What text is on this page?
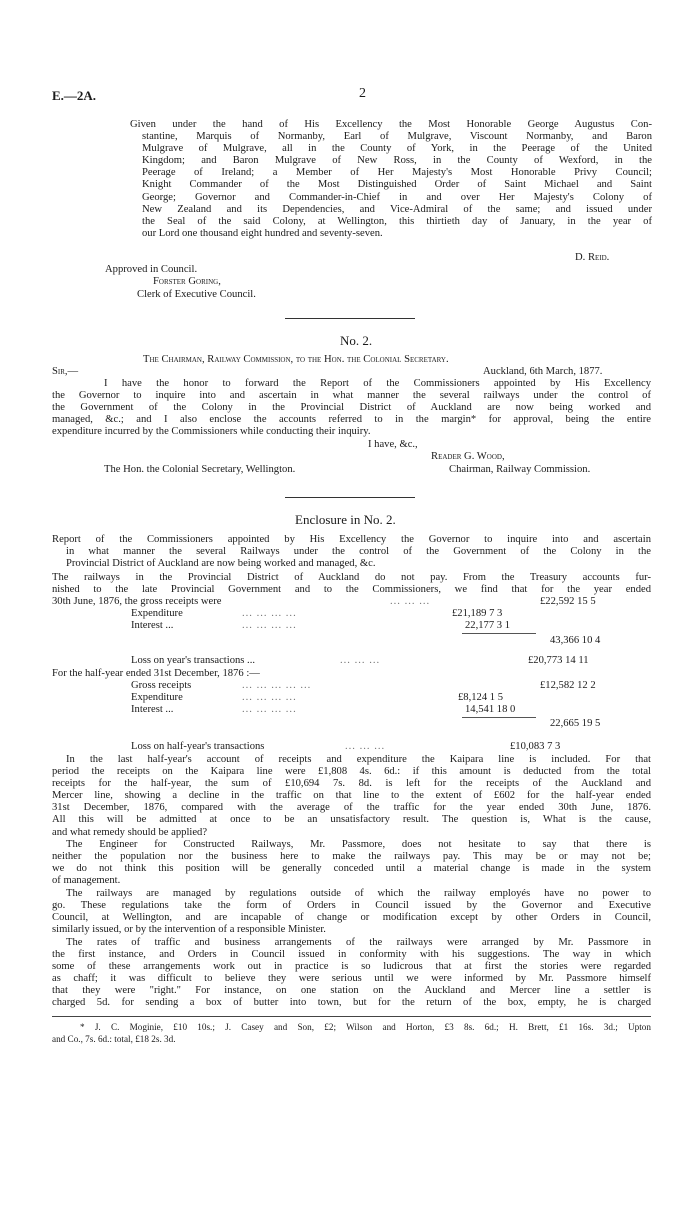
E.—2A.	2
Given under the hand of His Excellency the Most Honorable George Augustus Con-
stantine, Marquis of Normanby, Earl of Mulgrave, Viscount Normanby, and Baron
Mulgrave of Mulgrave, all in the County of York, in the Peerage of the United
Kingdom; and Baron Mulgrave of New Ross, in the County of Wexford, in the
Peerage of Ireland; a Member of Her Majesty's Most Honorable Privy Council;
Knight Commander of the Most Distinguished Order of Saint Michael and Saint
George; Governor and Commander-in-Chief in and over Her Majesty's Colony of
New Zealand and its Dependencies, and Vice-Admiral of the same; and issued under
the Seal of the said Colony, at Wellington, this thirtieth day of January, in the year of
our Lord one thousand eight hundred and seventy-seven.
D. Reid.
Approved in Council.
Forster Goring,
Clerk of Executive Council.
No. 2.
The Chairman, Railway Commission, to the Hon. the Colonial Secretary.
Sir,—	Auckland, 6th March, 1877.
I have the honor to forward the Report of the Commissioners appointed by His Excellency
the Governor to inquire into and ascertain in what manner the several railways under the control of
the Government of the Colony in the Provincial District of Auckland are now being worked and
managed, &c.; and I also enclose the accounts referred to in the margin* for approval, being the entire
expenditure incurred by the Commissioners while conducting their inquiry.
I have, &c.,
Reader G. Wood,
The Hon. the Colonial Secretary, Wellington.	Chairman, Railway Commission.
Enclosure in No. 2.
Report of the Commissioners appointed by His Excellency the Governor to inquire into and ascertain
in what manner the several Railways under the control of the Government of the Colony in the
Provincial District of Auckland are now being worked and managed, &c.
The railways in the Provincial District of Auckland do not pay. From the Treasury accounts fur-
nished to the late Provincial Government and to the Commissioners, we find that for the year ended
30th June, 1876, the gross receipts were	... ... ...	£22,592 15 5
Expenditure	... ... ... ...	£21,189 7 3
Interest ...	... ... ... ...	22,177 3 1
43,366 10 4
Loss on year's transactions ...	... ... ...	£20,773 14 11
For the half-year ended 31st December, 1876 :—
Gross receipts	... ... ... ... ...	£12,582 12 2
Expenditure	... ... ... ...	£8,124 1 5
Interest ...	... ... ... ...	14,541 18 0
22,665 19 5
Loss on half-year's transactions	... ... ...	£10,083 7 3
In the last half-year's account of receipts and expenditure the Kaipara line is included. For that
period the receipts on the Kaipara line were £1,808 4s. 6d.: if this amount is deducted from the total
receipts for the half-year, the sum of £10,694 7s. 8d. is left for the receipts of the Auckland and
Mercer line, showing a decline in the traffic on that line to the extent of £602 for the half-year ended
31st December, 1876, compared with the average of the traffic for the year ended 30th June, 1876.
All this will be admitted at once to be an unsatisfactory result. The question is, What is the cause,
and what remedy should be applied?
The Engineer for Constructed Railways, Mr. Passmore, does not hesitate to say that there is
neither the population nor the business here to make the railways pay. This may be or may not be;
we do not think this position will be generally conceded until a material change is made in the system
of management.
The railways are managed by regulations outside of which the railway employés have no power to
go. These regulations take the form of Orders in Council issued by the Governor and Executive
Council, at Wellington, and are incapable of change or modification except by other Orders in Council,
similarly issued, or by the intervention of a responsible Minister.
The rates of traffic and business arrangements of the railways were arranged by Mr. Passmore in
the first instance, and Orders in Council issued in conformity with his suggestions. The way in which
some of these arrangements work out in practice is so ludicrous that at first the stories were regarded
as chaff; it was difficult to believe they were serious until we were informed by Mr. Passmore himself
that they were "right." For instance, on one station on the Auckland and Mercer line a settler is
charged 5d. for sending a box of butter into town, but for the return of the box, empty, he is charged
* J. C. Moginie, £10 10s.; J. Casey and Son, £2; Wilson and Horton, £3 8s. 6d.; H. Brett, £1 16s. 3d.; Upton
and Co., 7s. 6d.: total, £18 2s. 3d.
